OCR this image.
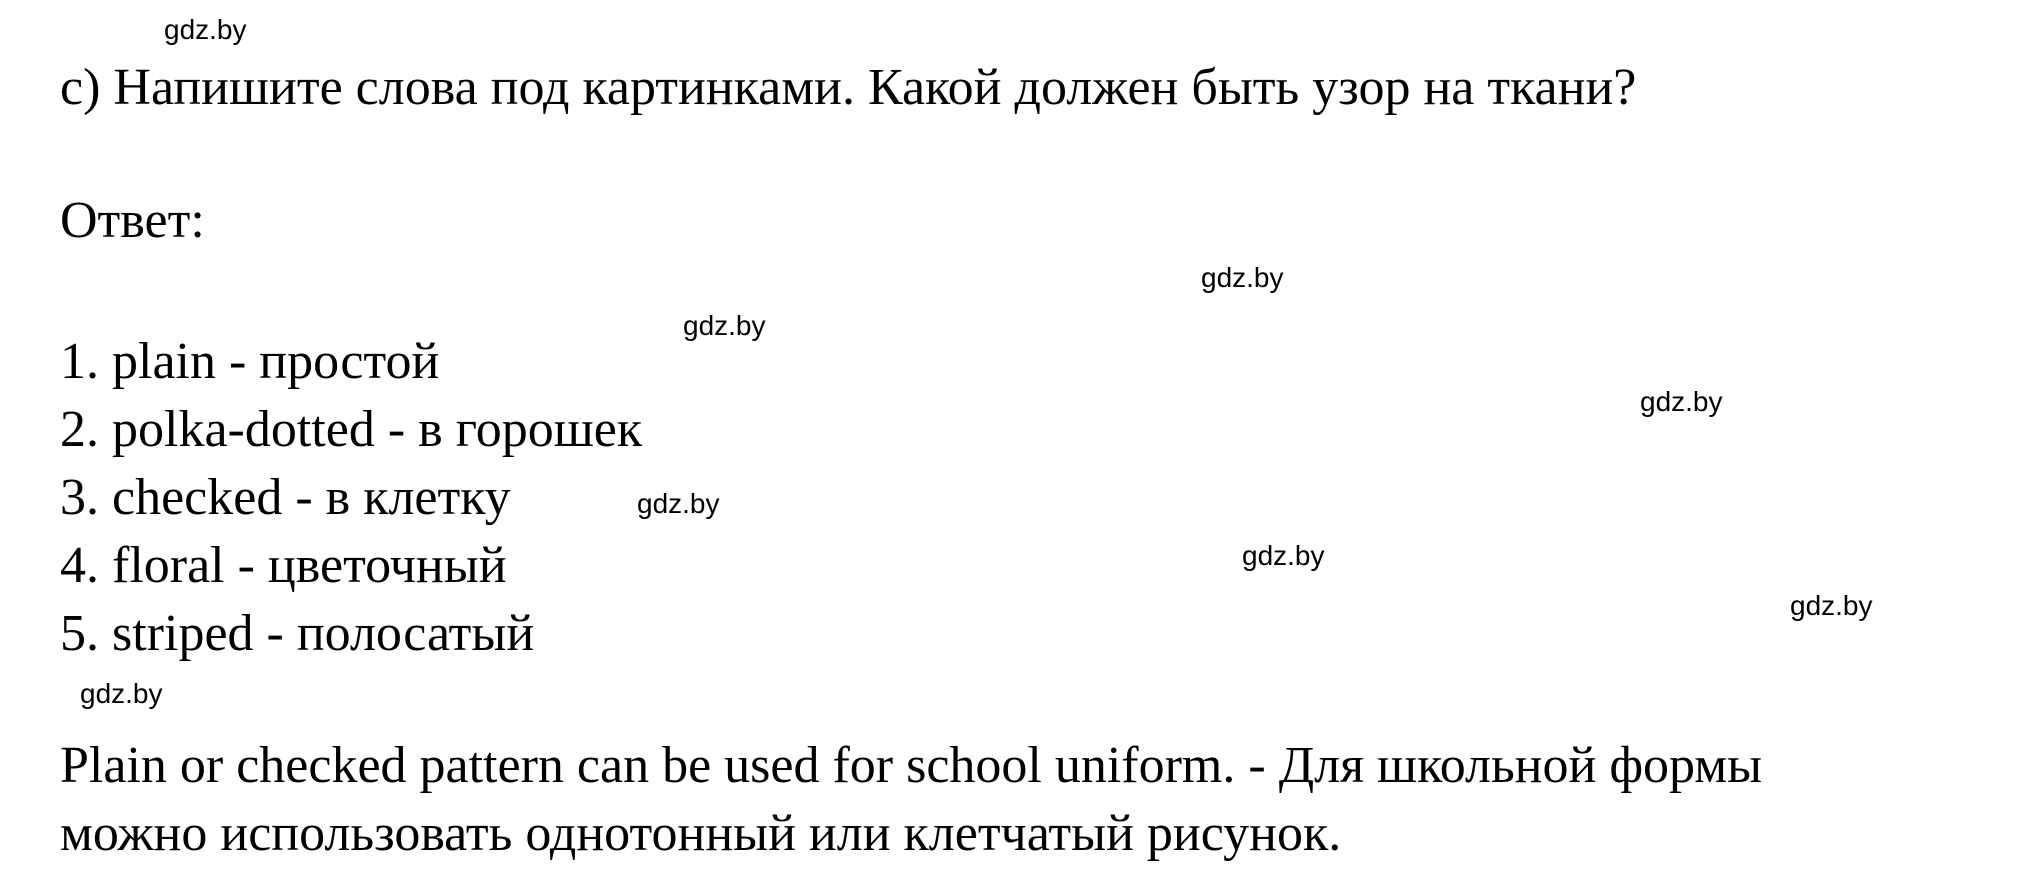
gdz.by
gdz.by
gdz.by
gdz.by
gdz.by
gdz.by
gdz.by
gdz.by
c) Напишите слова под картинками. Какой должен быть узор на ткани?
Ответ:
1. plain - простой
2. polka-dotted - в горошек
3. checked - в клетку
4. floral - цветочный
5. striped - полосатый
Plain or checked pattern can be used for school uniform. - Для школьной формы
можно использовать однотонный или клетчатый рисунок.
